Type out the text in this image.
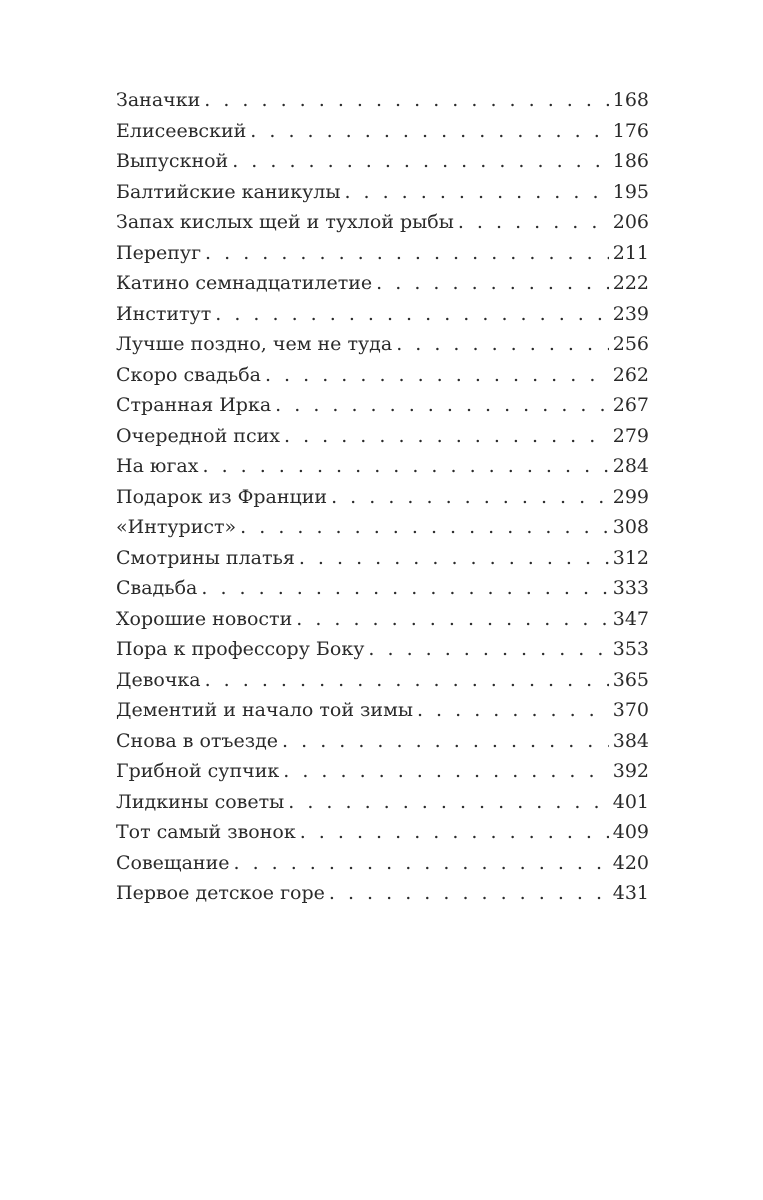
Заначки . . .	168
Елисеевский . . .	176
Выпускной . . .	186
Балтийские каникулы . . .	195
Запах кислых щей и тухлой рыбы . . .	206
Перепуг . . .	211
Катино семнадцатилетие . . .	222
Институт . . .	239
Лучше поздно, чем не туда . . .	256
Скоро свадьба . . .	262
Странная Ирка . . .	267
Очередной псих . . .	279
На югах . . .	284
Подарок из Франции . . .	299
«Интурист» . . .	308
Смотрины платья . . .	312
Свадьба . . .	333
Хорошие новости . . .	347
Пора к профессору Боку . . .	353
Девочка . . .	365
Дементий и начало той зимы . . .	370
Снова в отъезде . . .	384
Грибной супчик . . .	392
Лидкины советы . . .	401
Тот самый звонок . . .	409
Совещание . . .	420
Первое детское горе . . .	431
